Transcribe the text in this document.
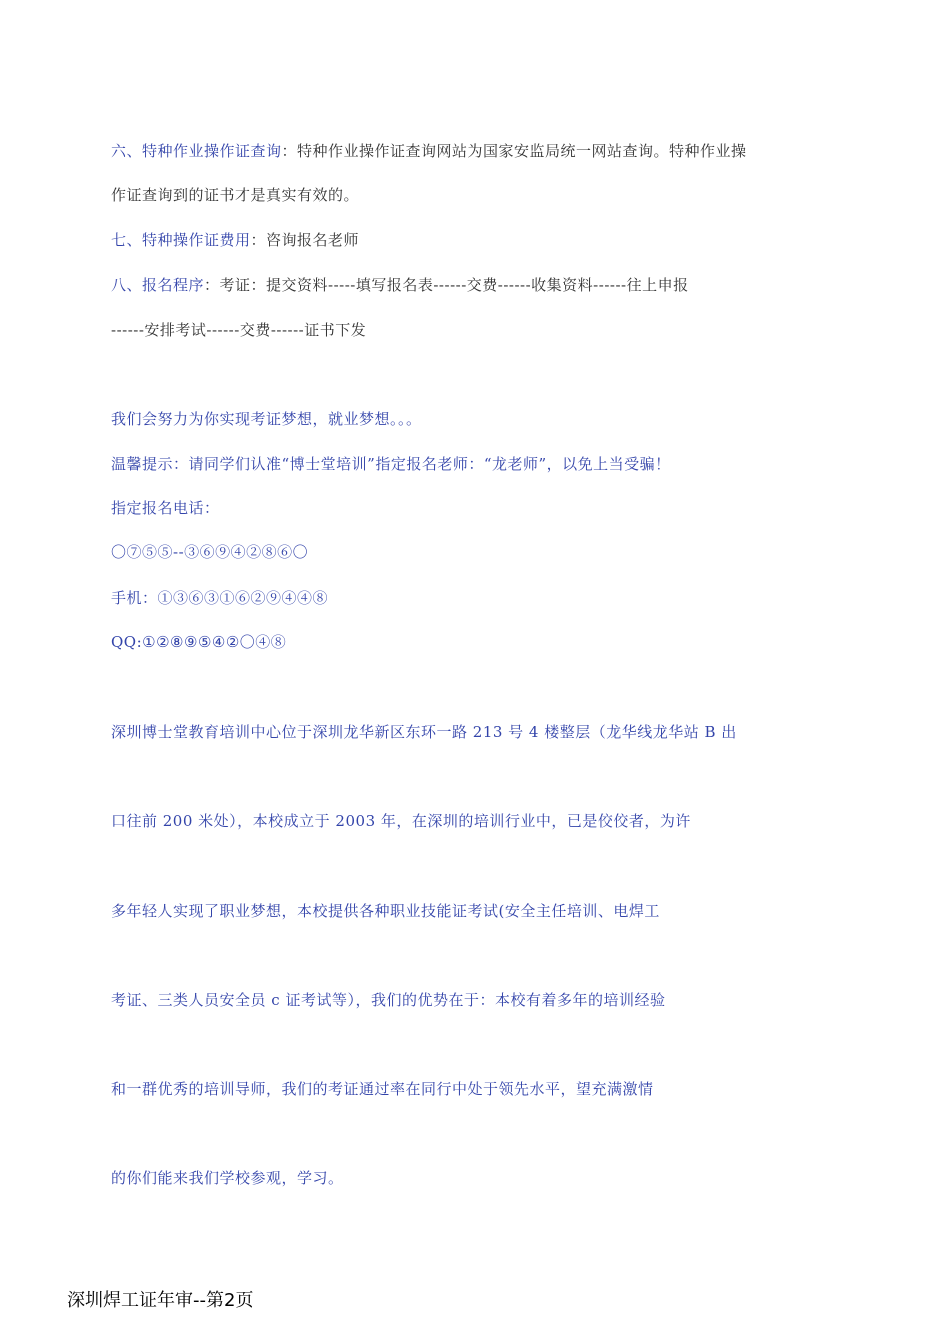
六、特种作业操作证查询：特种作业操作证查询网站为国家安监局统一网站查询。特种作业操
作证查询到的证书才是真实有效的。
七、特种操作证费用：咨询报名老师
八、报名程序：考证：提交资料-----填写报名表------交费------收集资料------往上申报
------安排考试------交费------证书下发
我们会努力为你实现考证梦想，就业梦想。。。
温馨提示：请同学们认准“博士堂培训”指定报名老师：“龙老师”，以免上当受骗！
指定报名电话：
〇⑦⑤⑤--③⑥⑨④②⑧⑥〇
手机：①③⑥③①⑥②⑨④④⑧
QQ:①②⑧⑨⑤④②〇④⑧
深圳博士堂教育培训中心位于深圳龙华新区东环一路 213 号 4 楼整层（龙华线龙华站 B 出
口往前 200 米处），本校成立于 2003 年，在深圳的培训行业中，已是佼佼者，为许
多年轻人实现了职业梦想，本校提供各种职业技能证考试(安全主任培训、电焊工
考证、三类人员安全员 c 证考试等），我们的优势在于：本校有着多年的培训经验
和一群优秀的培训导师，我们的考证通过率在同行中处于领先水平，望充满激情
的你们能来我们学校参观，学习。
深圳焊工证年审--第2页
